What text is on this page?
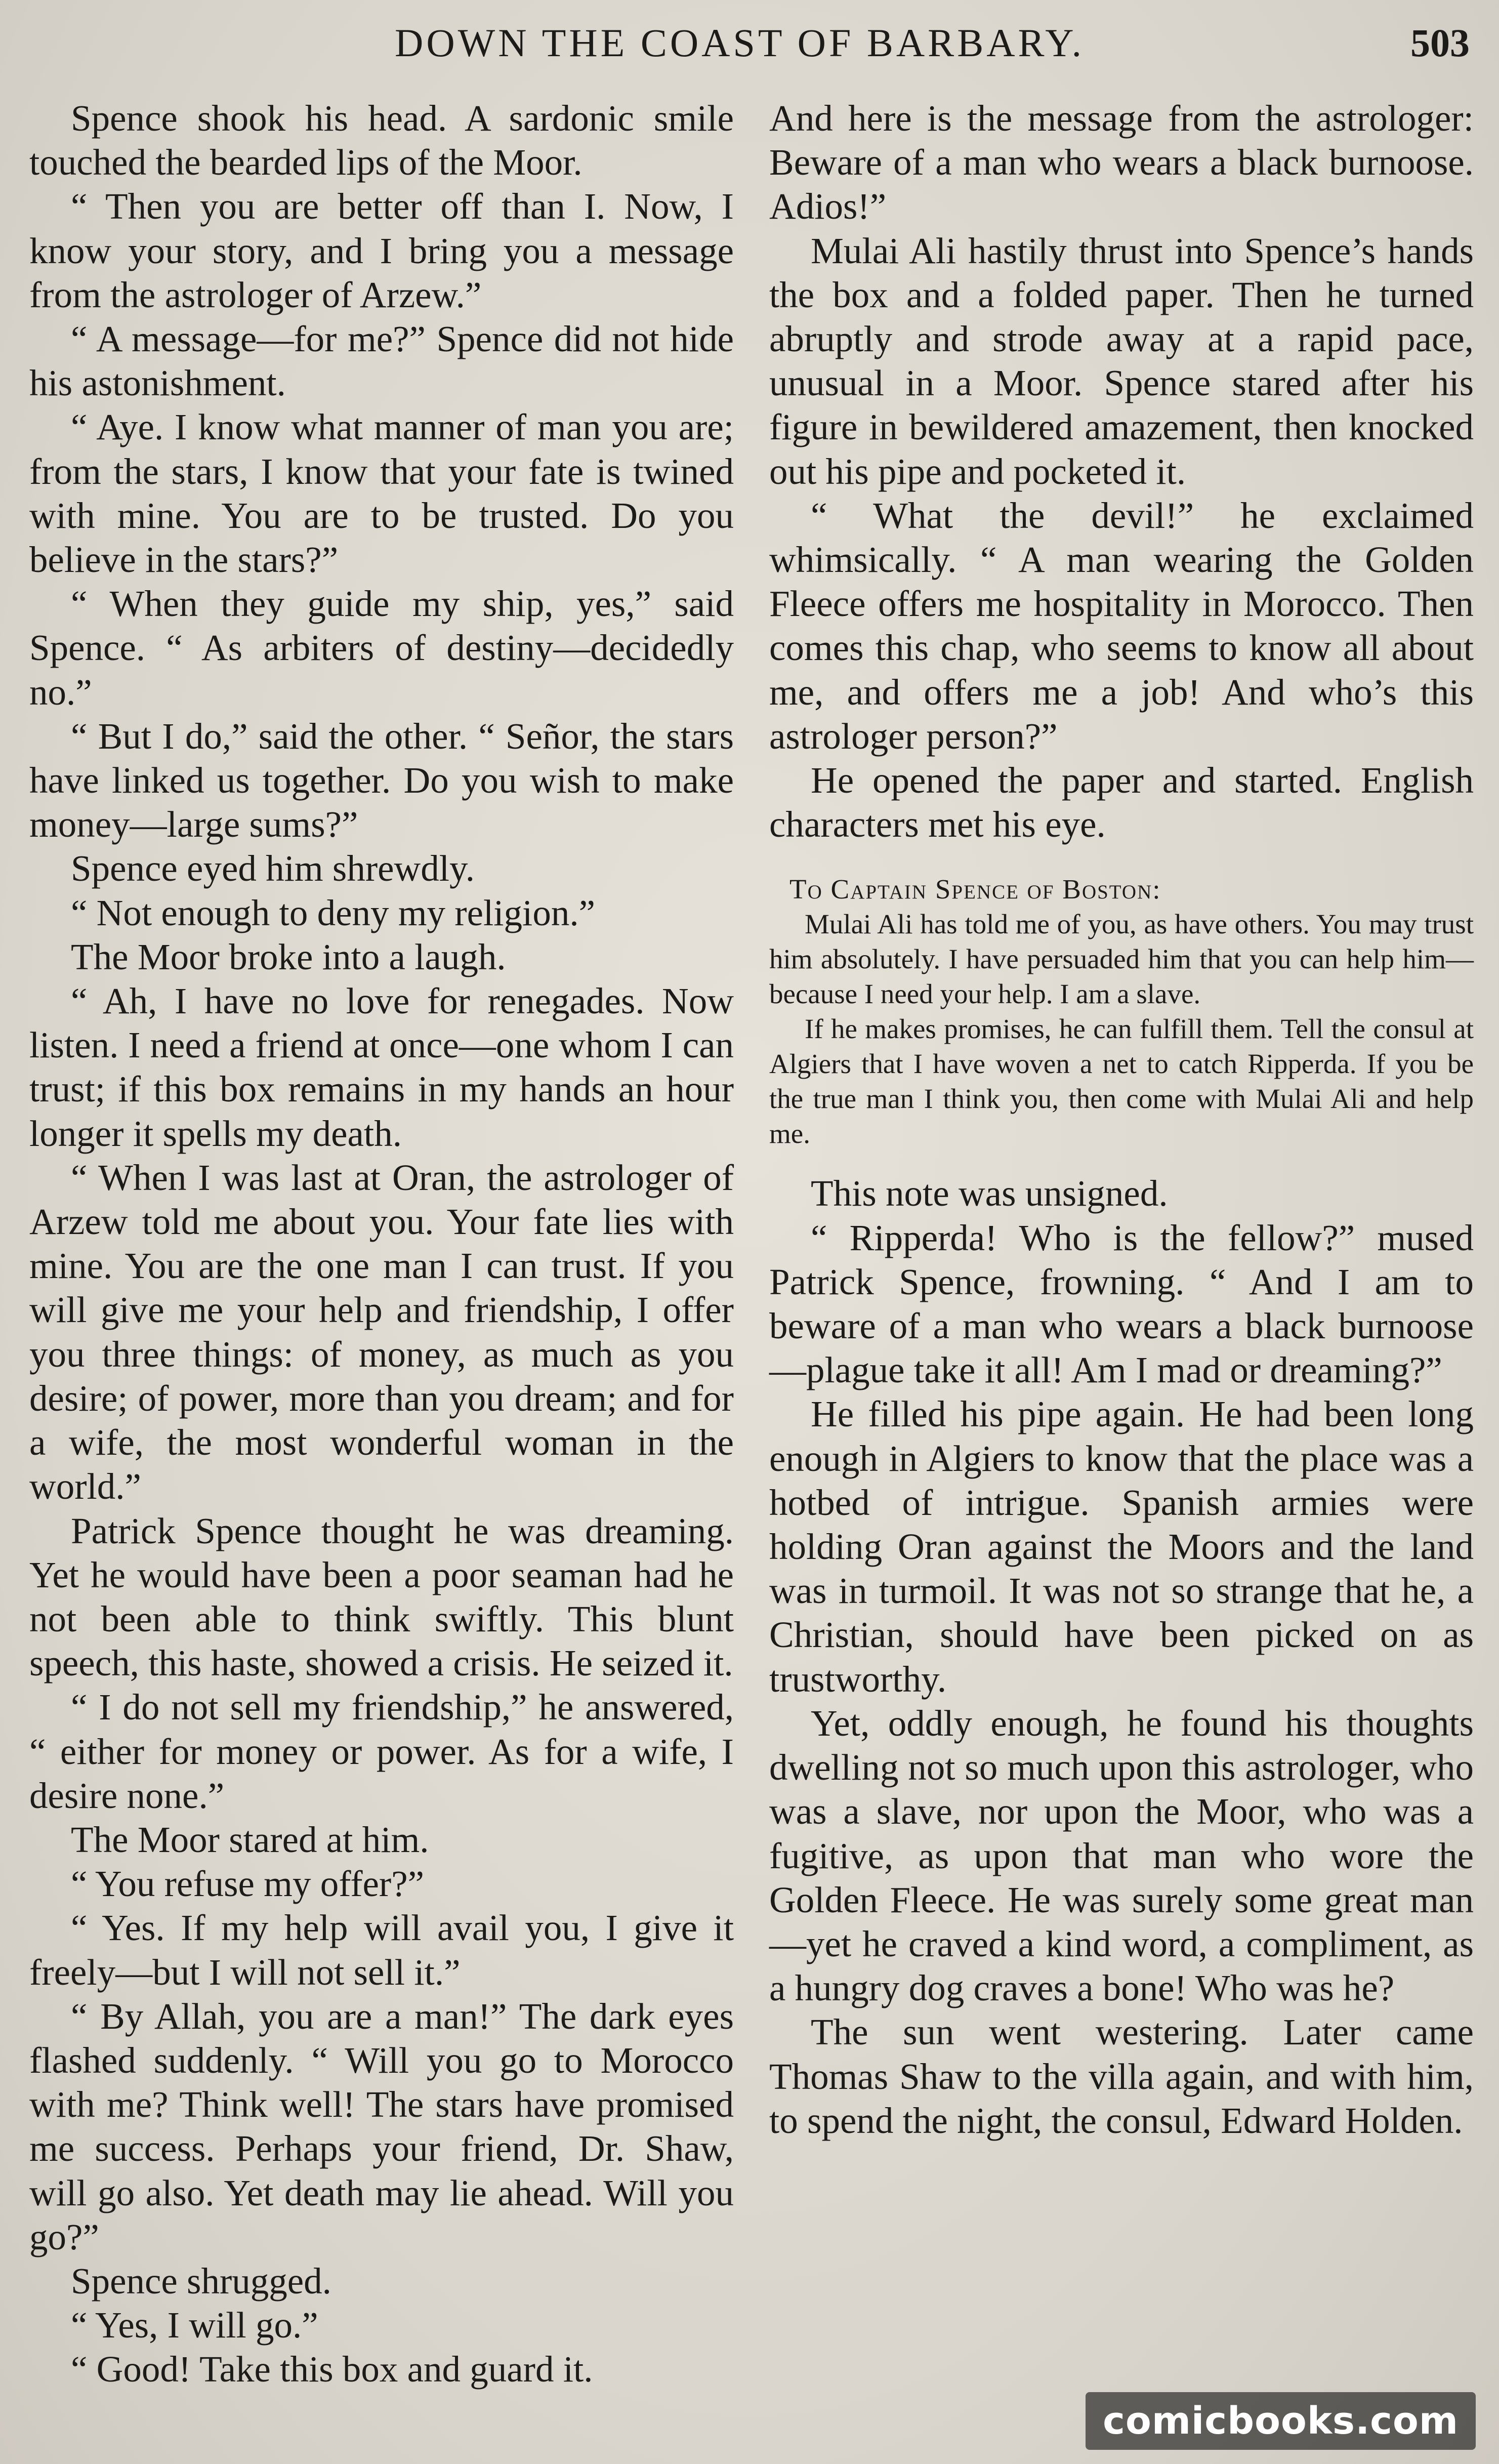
DOWN THE COAST OF BARBARY.	503

Spence shook his head. A sardonic smile touched the bearded lips of the Moor.

“ Then you are better off than I. Now, I know your story, and I bring you a message from the astrologer of Arzew.”

“ A message—for me?” Spence did not hide his astonishment.

“ Aye. I know what manner of man you are; from the stars, I know that your fate is twined with mine. You are to be trusted. Do you believe in the stars?”

“ When they guide my ship, yes,” said Spence. “ As arbiters of destiny—decidedly no.”

“ But I do,” said the other. “ Señor, the stars have linked us together. Do you wish to make money—large sums?”

Spence eyed him shrewdly.

“ Not enough to deny my religion.”

The Moor broke into a laugh.

“ Ah, I have no love for renegades. Now listen. I need a friend at once—one whom I can trust; if this box remains in my hands an hour longer it spells my death.

“ When I was last at Oran, the astrologer of Arzew told me about you. Your fate lies with mine. You are the one man I can trust. If you will give me your help and friendship, I offer you three things: of money, as much as you desire; of power, more than you dream; and for a wife, the most wonderful woman in the world.”

Patrick Spence thought he was dreaming. Yet he would have been a poor seaman had he not been able to think swiftly. This blunt speech, this haste, showed a crisis. He seized it.

“ I do not sell my friendship,” he answered, “ either for money or power. As for a wife, I desire none.”

The Moor stared at him.

“ You refuse my offer?”

“ Yes. If my help will avail you, I give it freely—but I will not sell it.”

“ By Allah, you are a man!” The dark eyes flashed suddenly. “ Will you go to Morocco with me? Think well! The stars have promised me success. Perhaps your friend, Dr. Shaw, will go also. Yet death may lie ahead. Will you go?”

Spence shrugged.

“ Yes, I will go.”

“ Good! Take this box and guard it.

And here is the message from the astrologer: Beware of a man who wears a black burnoose. Adios!”

Mulai Ali hastily thrust into Spence’s hands the box and a folded paper. Then he turned abruptly and strode away at a rapid pace, unusual in a Moor. Spence stared after his figure in bewildered amazement, then knocked out his pipe and pocketed it.

“ What the devil!” he exclaimed whimsically. “ A man wearing the Golden Fleece offers me hospitality in Morocco. Then comes this chap, who seems to know all about me, and offers me a job! And who’s this astrologer person?”

He opened the paper and started. English characters met his eye.

To Captain Spence of Boston:

Mulai Ali has told me of you, as have others. You may trust him absolutely. I have persuaded him that you can help him—because I need your help. I am a slave.

If he makes promises, he can fulfill them. Tell the consul at Algiers that I have woven a net to catch Ripperda. If you be the true man I think you, then come with Mulai Ali and help me.

This note was unsigned.

“ Ripperda! Who is the fellow?” mused Patrick Spence, frowning. “ And I am to beware of a man who wears a black burnoose—plague take it all! Am I mad or dreaming?”

He filled his pipe again. He had been long enough in Algiers to know that the place was a hotbed of intrigue. Spanish armies were holding Oran against the Moors and the land was in turmoil. It was not so strange that he, a Christian, should have been picked on as trustworthy.

Yet, oddly enough, he found his thoughts dwelling not so much upon this astrologer, who was a slave, nor upon the Moor, who was a fugitive, as upon that man who wore the Golden Fleece. He was surely some great man—yet he craved a kind word, a compliment, as a hungry dog craves a bone! Who was he?

The sun went westering. Later came Thomas Shaw to the villa again, and with him, to spend the night, the consul, Edward Holden.

comicbooks.com
